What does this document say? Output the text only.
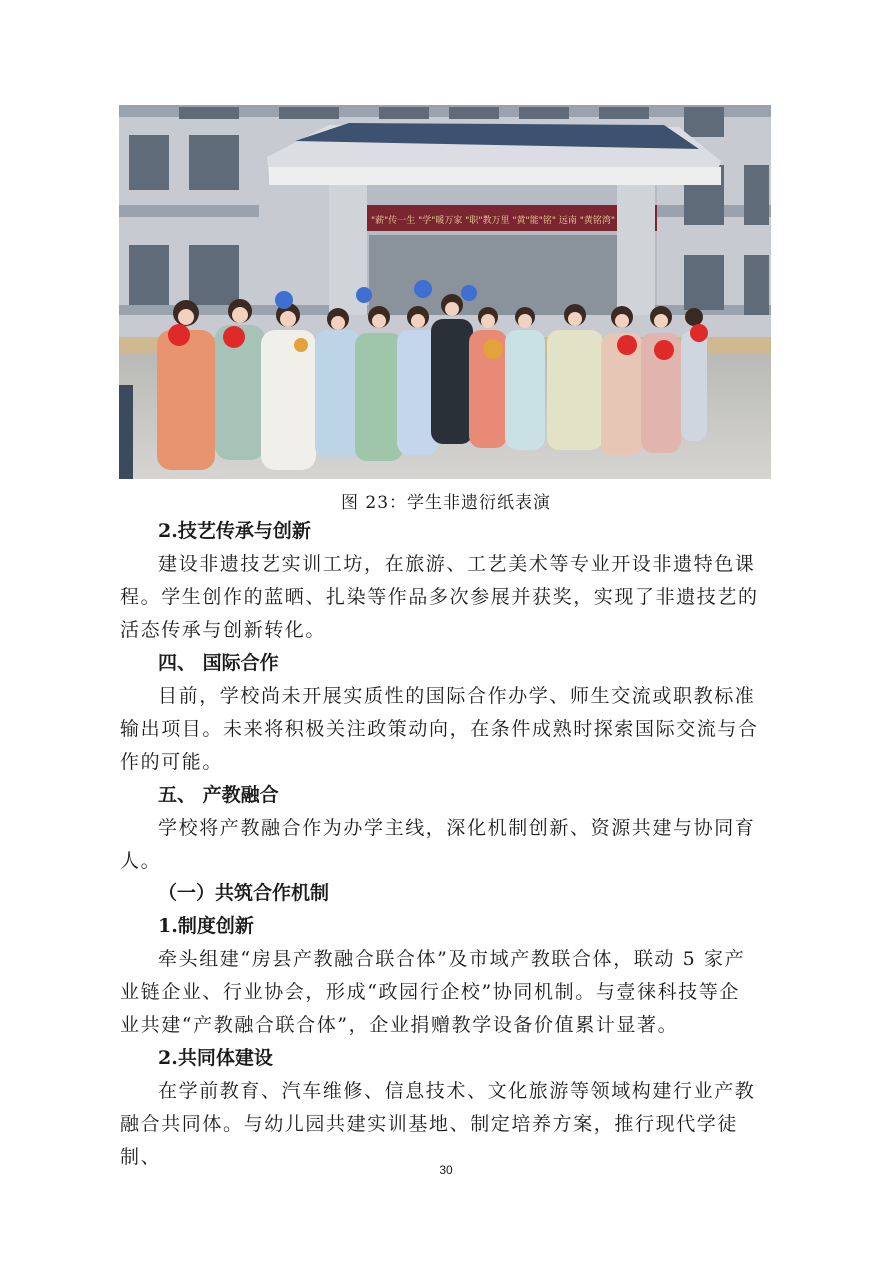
"薪"传一生 "学"暖万家 "职"教万里 "黄"能"铭" 远南 "黄铭湾"
图 23：学生非遗衍纸表演
2.技艺传承与创新
建设非遗技艺实训工坊，在旅游、工艺美术等专业开设非遗特色课
程。学生创作的蓝晒、扎染等作品多次参展并获奖，实现了非遗技艺的
活态传承与创新转化。
四、 国际合作
目前，学校尚未开展实质性的国际合作办学、师生交流或职教标准
输出项目。未来将积极关注政策动向，在条件成熟时探索国际交流与合
作的可能。
五、 产教融合
学校将产教融合作为办学主线，深化机制创新、资源共建与协同育
人。
（一）共筑合作机制
1.制度创新
牵头组建“房县产教融合联合体”及市域产教联合体，联动 5 家产
业链企业、行业协会，形成“政园行企校”协同机制。与壹徕科技等企
业共建“产教融合联合体”，企业捐赠教学设备价值累计显著。
2.共同体建设
在学前教育、汽车维修、信息技术、文化旅游等领域构建行业产教
融合共同体。与幼儿园共建实训基地、制定培养方案，推行现代学徒制、
30
